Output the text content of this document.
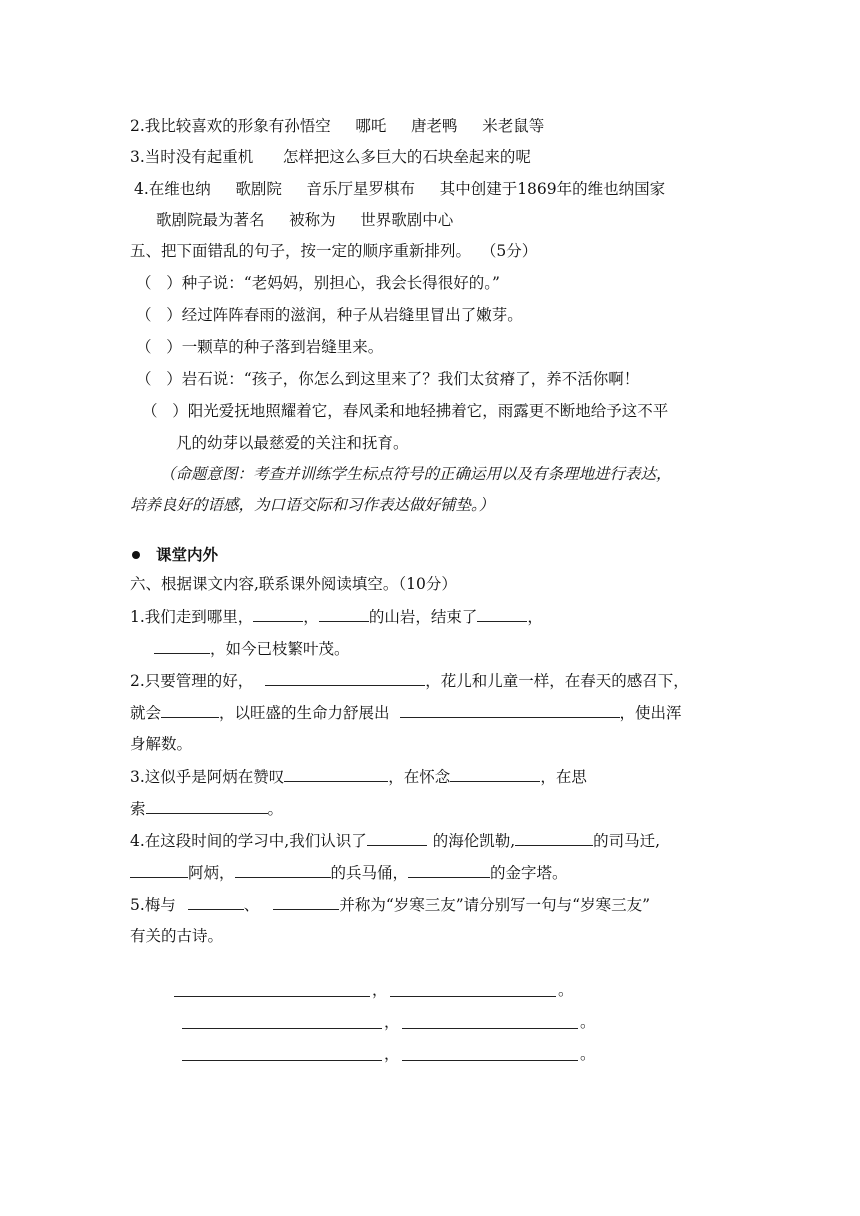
2.我比较喜欢的形象有孙悟空     哪吒     唐老鸭     米老鼠等
3.当时没有起重机      怎样把这么多巨大的石块垒起来的呢
4.在维也纳     歌剧院     音乐厅星罗棋布     其中创建于1869年的维也纳国家
歌剧院最为著名     被称为     世界歌剧中心
五、把下面错乱的句子，按一定的顺序重新排列。  （5分）
（   ）种子说：“老妈妈，别担心，我会长得很好的。”
（   ）经过阵阵春雨的滋润，种子从岩缝里冒出了嫩芽。
（   ）一颗草的种子落到岩缝里来。
（   ）岩石说：“孩子，你怎么到这里来了？我们太贫瘠了，养不活你啊！
（   ）阳光爱抚地照耀着它，春风柔和地轻拂着它，雨露更不断地给予这不平
凡的幼芽以最慈爱的关注和抚育。
（命题意图：考查并训练学生标点符号的正确运用以及有条理地进行表达，
培养良好的语感，为口语交际和习作表达做好铺垫。）
课堂内外
六、根据课文内容,联系课外阅读填空。（10分）
1.我们走到哪里，	，	的山岩，结束了	，
，如今已枝繁叶茂。
2.只要管理的好，	，花儿和儿童一样，在春天的感召下，
就会	，以旺盛的生命力舒展出	，使出浑
身解数。
3.这似乎是阿炳在赞叹	，在怀念	，在思
索	。
4.在这段时间的学习中,我们认识了	的海伦凯勒,	的司马迁,
阿炳，	的兵马俑，	的金字塔。
5.梅与	、	并称为“岁寒三友”请分别写一句与“岁寒三友”
有关的古诗。
，	。
，	。
，	。
